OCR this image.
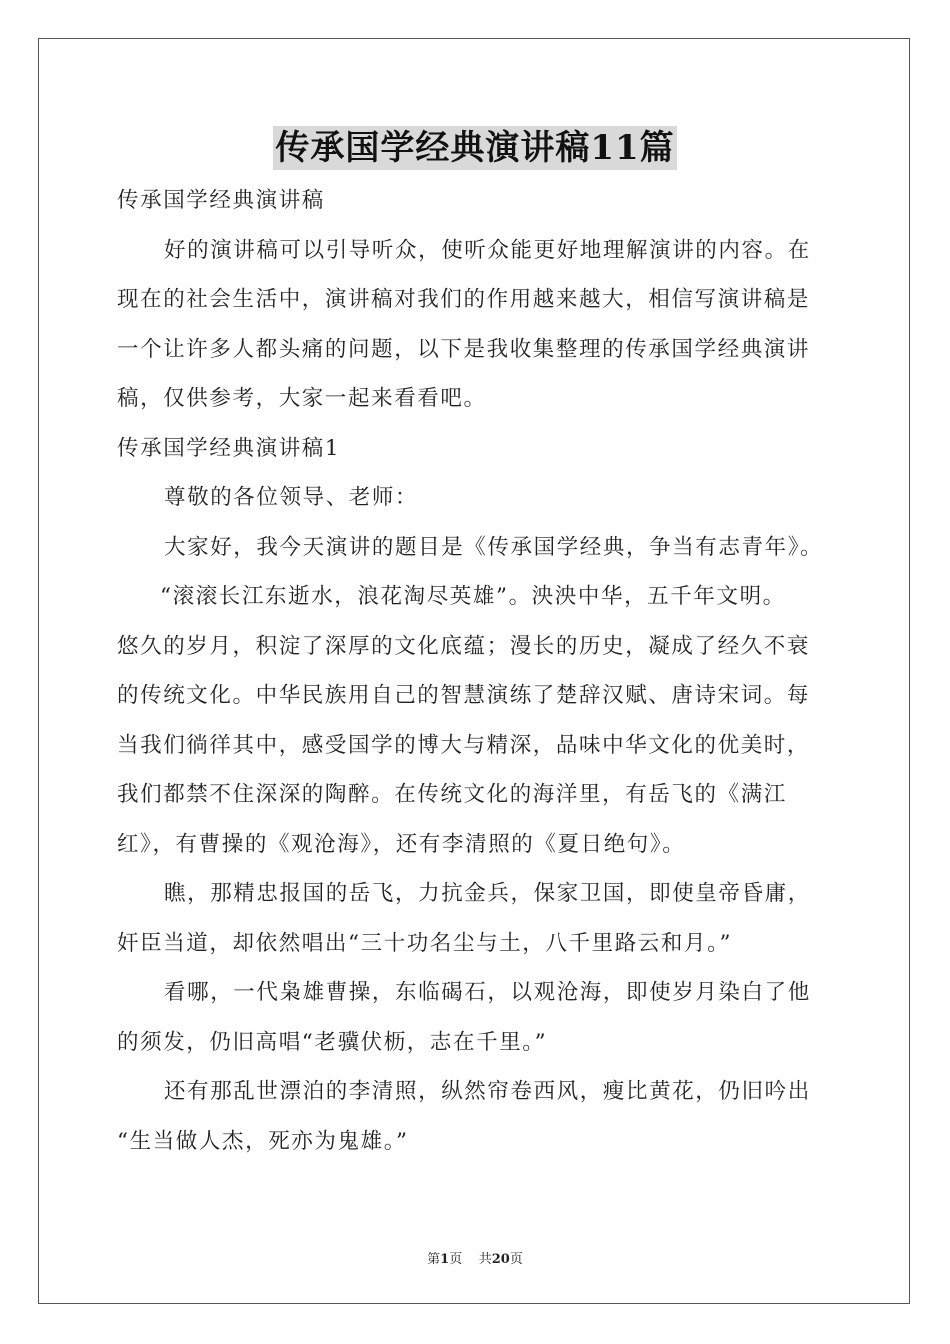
传承国学经典演讲稿11篇
传承国学经典演讲稿
好的演讲稿可以引导听众，使听众能更好地理解演讲的内容。在
现在的社会生活中，演讲稿对我们的作用越来越大，相信写演讲稿是
一个让许多人都头痛的问题，以下是我收集整理的传承国学经典演讲
稿，仅供参考，大家一起来看看吧。
传承国学经典演讲稿1
尊敬的各位领导、老师：
大家好，我今天演讲的题目是《传承国学经典，争当有志青年》。
“滚滚长江东逝水，浪花淘尽英雄”。泱泱中华，五千年文明。
悠久的岁月，积淀了深厚的文化底蕴；漫长的历史，凝成了经久不衰
的传统文化。中华民族用自己的智慧演练了楚辞汉赋、唐诗宋词。每
当我们徜徉其中，感受国学的博大与精深，品味中华文化的优美时，
我们都禁不住深深的陶醉。在传统文化的海洋里，有岳飞的《满江
红》，有曹操的《观沧海》，还有李清照的《夏日绝句》。
瞧，那精忠报国的岳飞，力抗金兵，保家卫国，即使皇帝昏庸，
奸臣当道，却依然唱出“三十功名尘与土，八千里路云和月。”
看哪，一代枭雄曹操，东临碣石，以观沧海，即使岁月染白了他
的须发，仍旧高唱“老骥伏枥，志在千里。”
还有那乱世漂泊的李清照，纵然帘卷西风，瘦比黄花，仍旧吟出
“生当做人杰，死亦为鬼雄。”
第1页 共20页
